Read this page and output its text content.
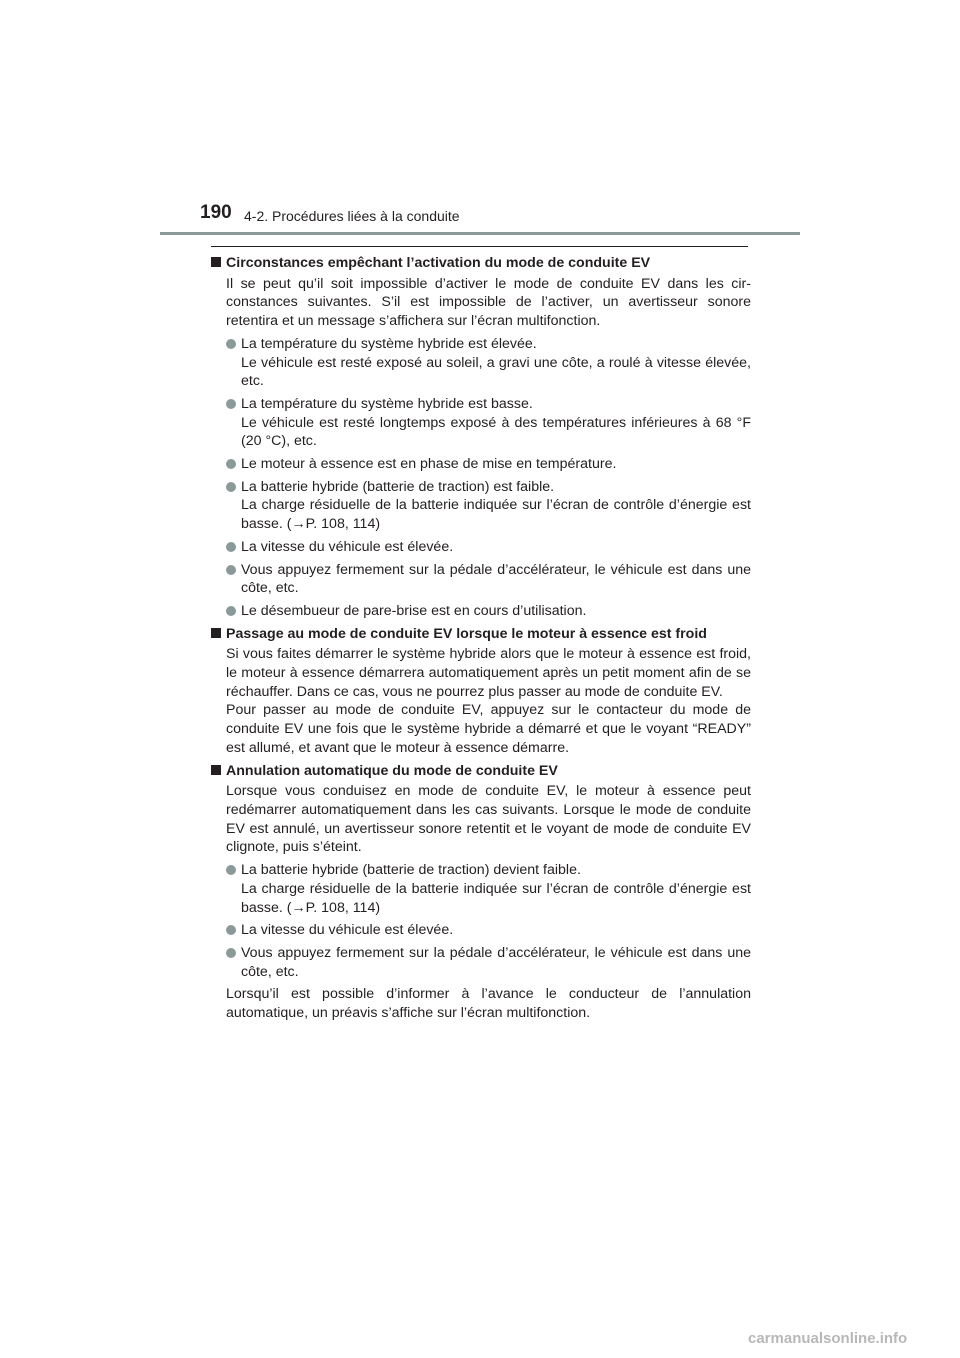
190 4-2. Procédures liées à la conduite
Circonstances empêchant l’activation du mode de conduite EV
Il se peut qu’il soit impossible d’activer le mode de conduite EV dans les cir-constances suivantes. S’il est impossible de l’activer, un avertisseur sonore retentira et un message s’affichera sur l’écran multifonction.
La température du système hybride est élevée.
Le véhicule est resté exposé au soleil, a gravi une côte, a roulé à vitesse élevée, etc.
La température du système hybride est basse.
Le véhicule est resté longtemps exposé à des températures inférieures à 68 °F (20 °C), etc.
Le moteur à essence est en phase de mise en température.
La batterie hybride (batterie de traction) est faible.
La charge résiduelle de la batterie indiquée sur l’écran de contrôle d’énergie est basse. (→P. 108, 114)
La vitesse du véhicule est élevée.
Vous appuyez fermement sur la pédale d’accélérateur, le véhicule est dans une côte, etc.
Le désembueur de pare-brise est en cours d’utilisation.
Passage au mode de conduite EV lorsque le moteur à essence est froid
Si vous faites démarrer le système hybride alors que le moteur à essence est froid, le moteur à essence démarrera automatiquement après un petit moment afin de se réchauffer. Dans ce cas, vous ne pourrez plus passer au mode de conduite EV.
Pour passer au mode de conduite EV, appuyez sur le contacteur du mode de conduite EV une fois que le système hybride a démarré et que le voyant “READY” est allumé, et avant que le moteur à essence démarre.
Annulation automatique du mode de conduite EV
Lorsque vous conduisez en mode de conduite EV, le moteur à essence peut redémarrer automatiquement dans les cas suivants. Lorsque le mode de conduite EV est annulé, un avertisseur sonore retentit et le voyant de mode de conduite EV clignote, puis s’éteint.
La batterie hybride (batterie de traction) devient faible.
La charge résiduelle de la batterie indiquée sur l’écran de contrôle d’énergie est basse. (→P. 108, 114)
La vitesse du véhicule est élevée.
Vous appuyez fermement sur la pédale d’accélérateur, le véhicule est dans une côte, etc.
Lorsqu’il est possible d’informer à l’avance le conducteur de l’annulation automatique, un préavis s’affiche sur l’écran multifonction.
carmanualsonline.info
